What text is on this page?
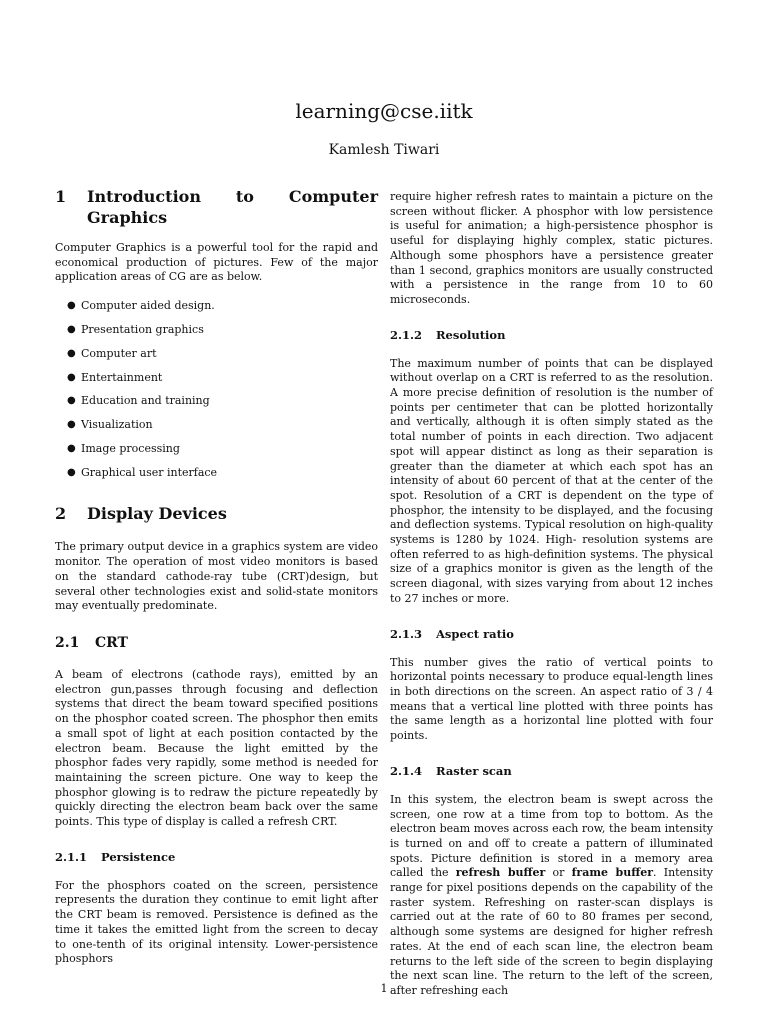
learning@cse.iitk
Kamlesh Tiwari
1	Introduction to Computer
Graphics

Computer Graphics is a powerful tool for the rapid and economical production of pictures. Few of the major application areas of CG are as below.

● Computer aided design.
● Presentation graphics
● Computer art
● Entertainment
● Education and training
● Visualization
● Image processing
● Graphical user interface
2	Display Devices

The primary output device in a graphics system are video monitor. The operation of most video monitors is based on the standard cathode-ray tube (CRT)design, but several other technologies exist and solid-state monitors may eventually predominate.

2.1	CRT

A beam of electrons (cathode rays), emitted by an electron gun,passes through focusing and deflection systems that direct the beam toward specified positions on the phosphor coated screen. The phosphor then emits a small spot of light at each position contacted by the electron beam. Because the light emitted by the phosphor fades very rapidly, some method is needed for maintaining the screen picture. One way to keep the phosphor glowing is to redraw the picture repeatedly by quickly directing the electron beam back over the same points. This type of display is called a refresh CRT.

2.1.1	Persistence

For the phosphors coated on the screen, persistence represents the duration they continue to emit light after the CRT beam is removed. Persistence is defined as the time it takes the emitted light from the screen to decay to one-tenth of its original intensity. Lower-persistence phosphors

require higher refresh rates to maintain a picture on the screen without flicker. A phosphor with low persistence is useful for animation; a high-persistence phosphor is useful for displaying highly complex, static pictures. Although some phosphors have a persistence greater than 1 second, graphics monitors are usually constructed with a persistence in the range from 10 to 60 microseconds.

2.1.2	Resolution

The maximum number of points that can be displayed without overlap on a CRT is referred to as the resolution. A more precise definition of resolution is the number of points per centimeter that can be plotted horizontally and vertically, although it is often simply stated as the total number of points in each direction. Two adjacent spot will appear distinct as long as their separation is greater than the diameter at which each spot has an intensity of about 60 percent of that at the center of the spot. Resolution of a CRT is dependent on the type of phosphor, the intensity to be displayed, and the focusing and deflection systems. Typical resolution on high-quality systems is 1280 by 1024. High- resolution systems are often referred to as high-definition systems. The physical size of a graphics monitor is given as the length of the screen diagonal, with sizes varying from about 12 inches to 27 inches or more.

2.1.3	Aspect ratio

This number gives the ratio of vertical points to horizontal points necessary to produce equal-length lines in both directions on the screen. An aspect ratio of 3 / 4 means that a vertical line plotted with three points has the same length as a horizontal line plotted with four points.

2.1.4	Raster scan

In this system, the electron beam is swept across the screen, one row at a time from top to bottom. As the electron beam moves across each row, the beam intensity is turned on and off to create a pattern of illuminated spots. Picture definition is stored in a memory area called the refresh buffer or frame buffer. Intensity range for pixel positions depends on the capability of the raster system. Refreshing on raster-scan displays is carried out at the rate of 60 to 80 frames per second, although some systems are designed for higher refresh rates. At the end of each scan line, the electron beam returns to the left side of the screen to begin displaying the next scan line. The return to the left of the screen, after refreshing each

1
